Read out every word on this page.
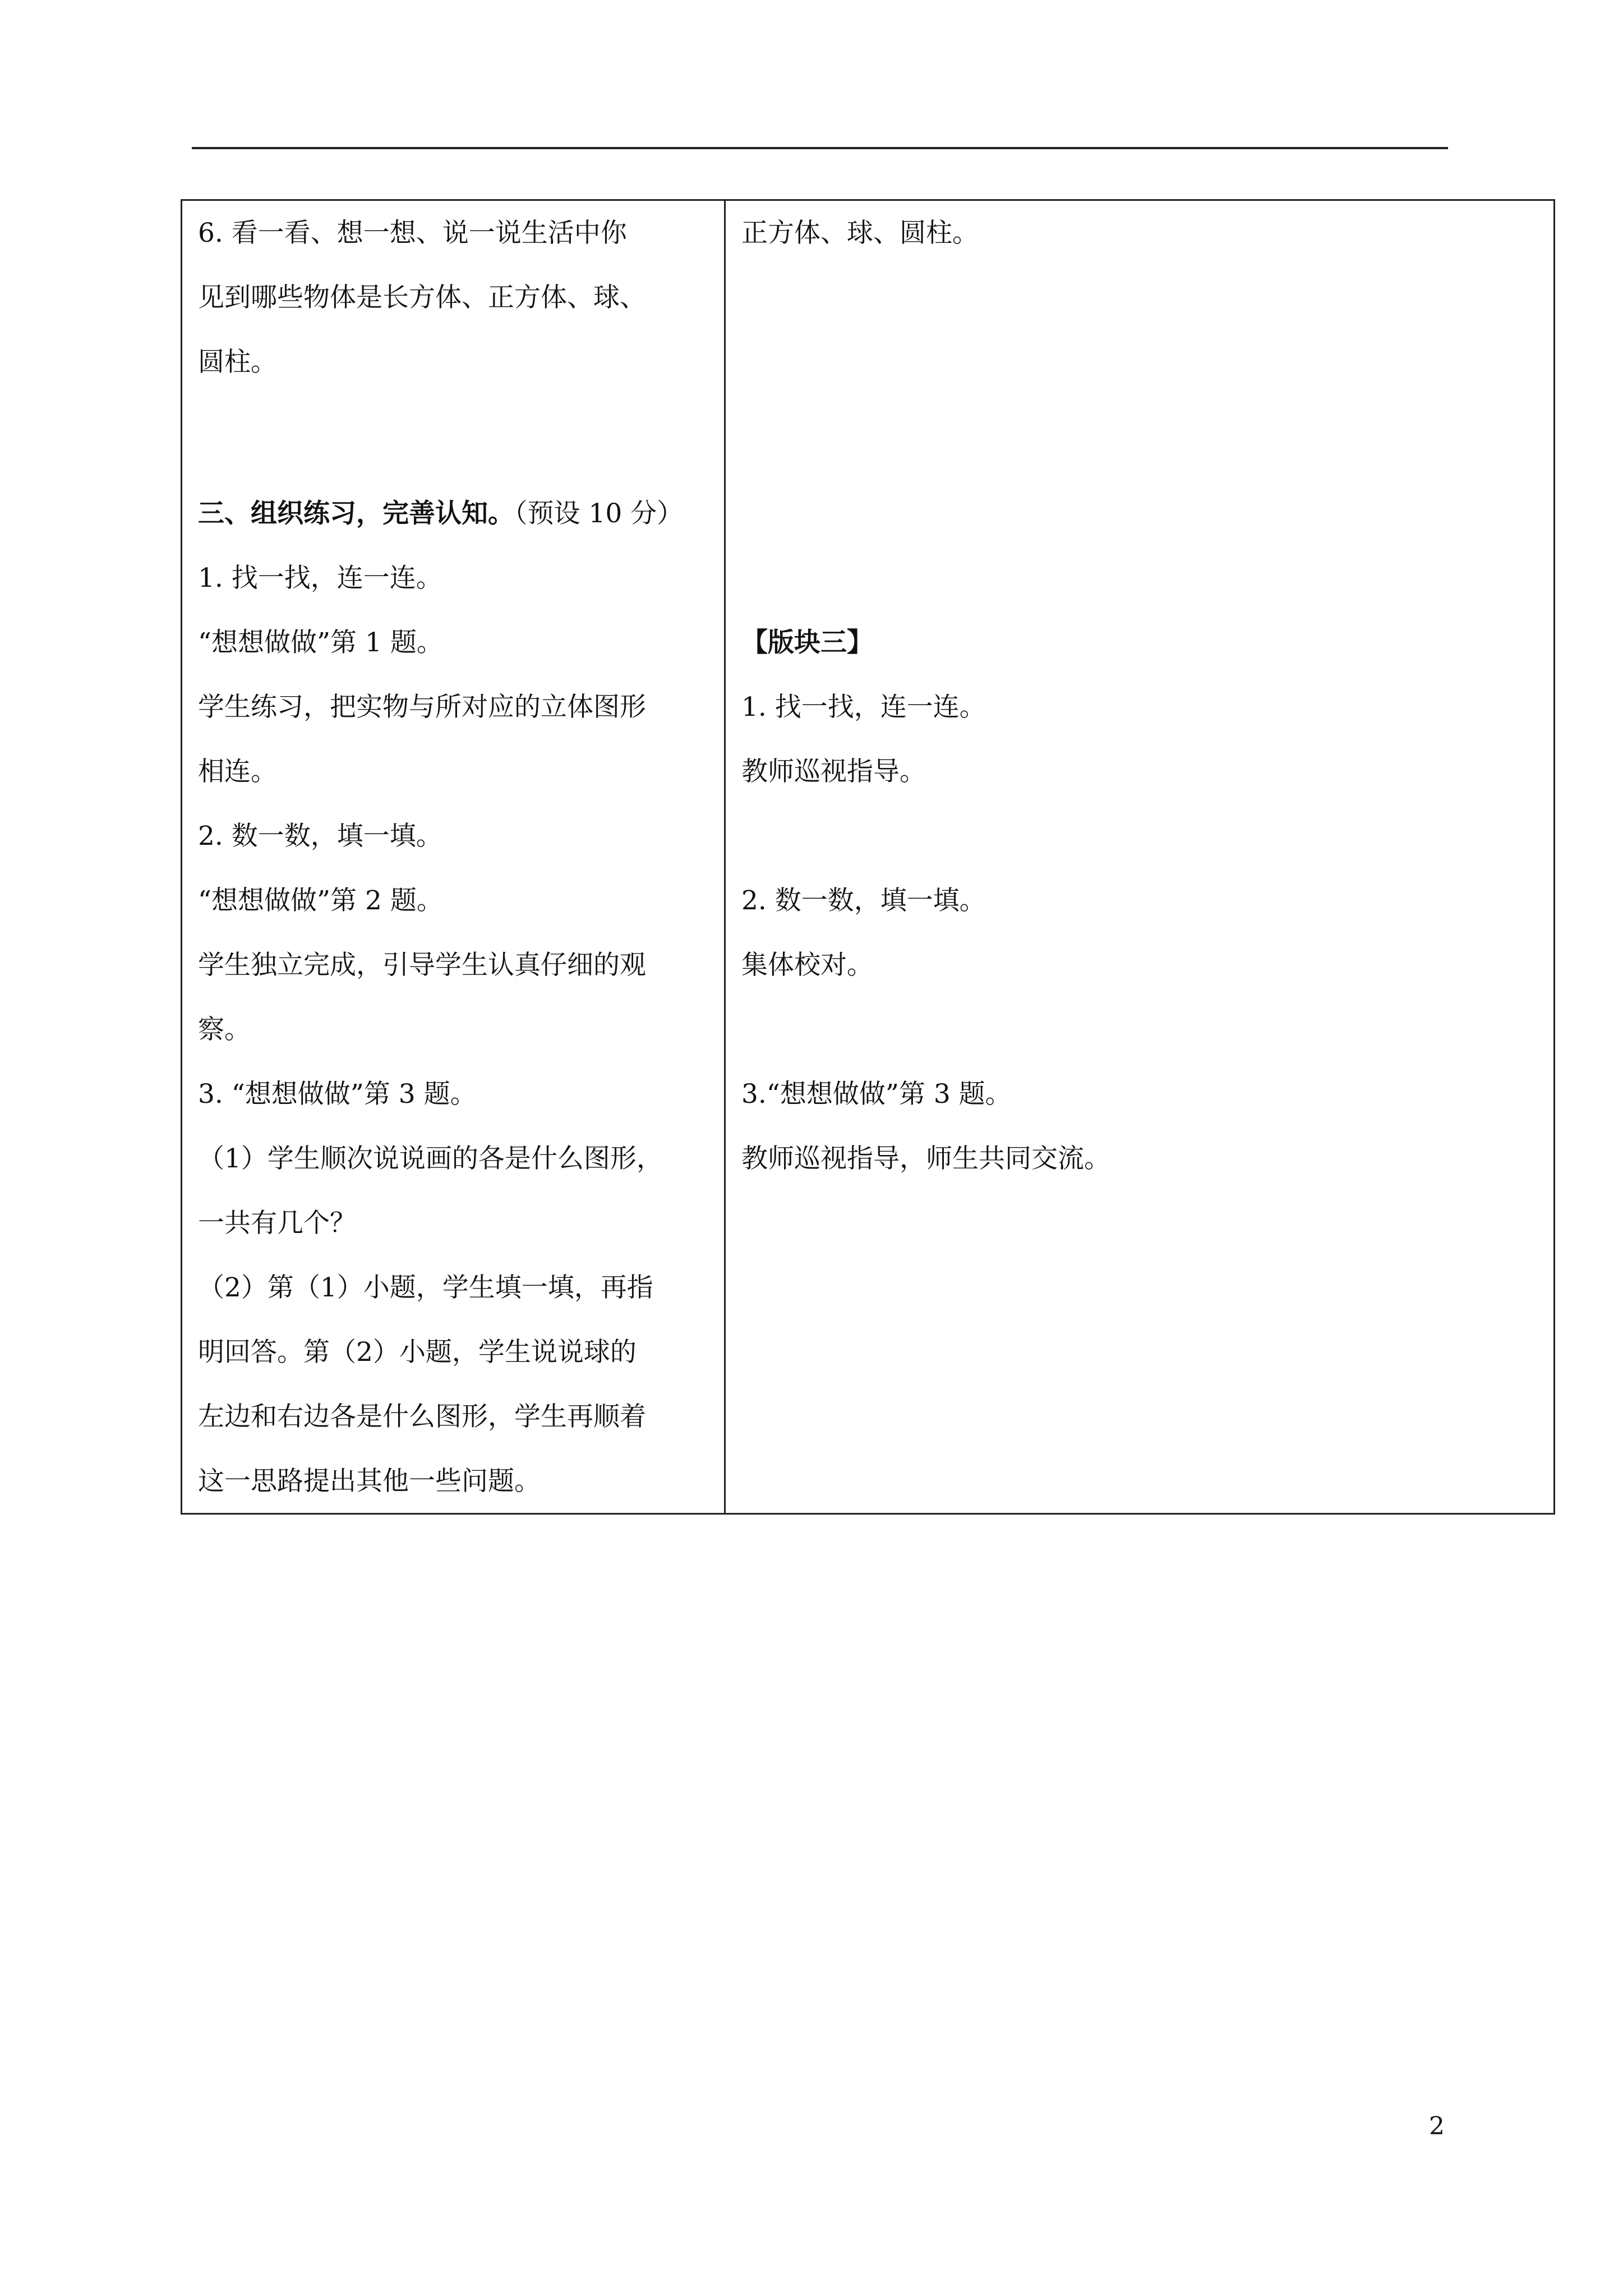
6. 看一看、想一想、说一说生活中你
见到哪些物体是长方体、正方体、球、
圆柱。
三、组织练习，完善认知。（预设 10 分）
1. 找一找，连一连。
“想想做做”第 1 题。
学生练习，把实物与所对应的立体图形
相连。
2. 数一数，填一填。
“想想做做”第 2 题。
学生独立完成，引导学生认真仔细的观
察。
3. “想想做做”第 3 题。
（1）学生顺次说说画的各是什么图形，
一共有几个？
（2）第（1）小题，学生填一填，再指
明回答。第（2）小题，学生说说球的
左边和右边各是什么图形，学生再顺着
这一思路提出其他一些问题。

正方体、球、圆柱。
【版块三】
1. 找一找，连一连。
教师巡视指导。
2. 数一数，填一填。
集体校对。
3.“想想做做”第 3 题。
教师巡视指导，师生共同交流。
2
